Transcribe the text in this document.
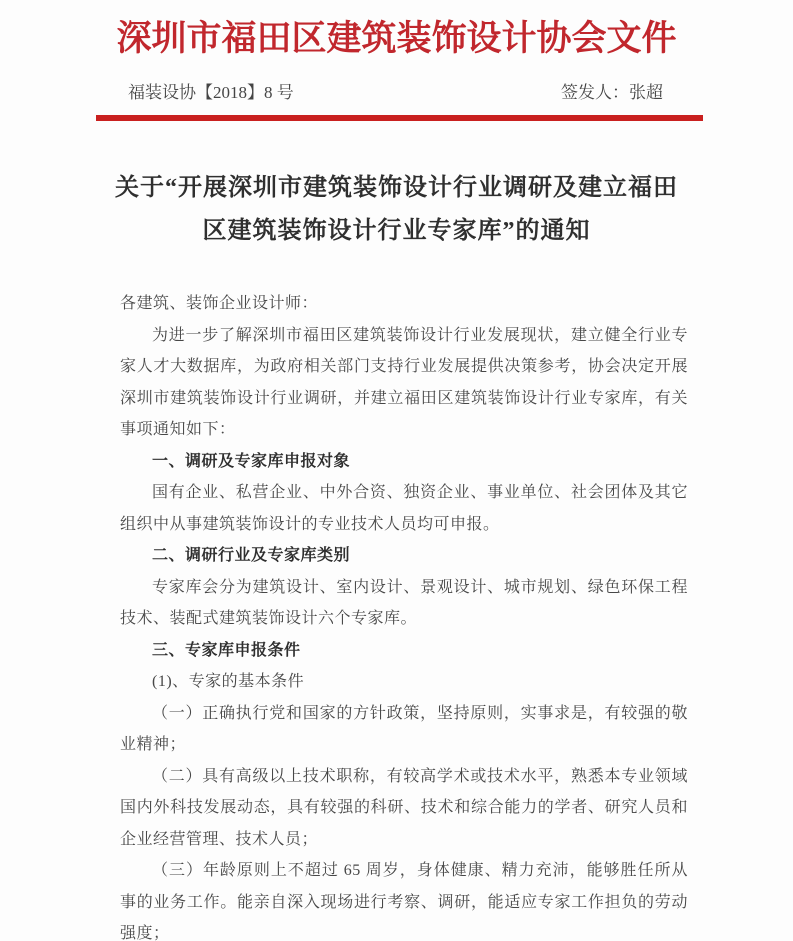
深圳市福田区建筑装饰设计协会文件
福装设协【2018】8 号	签发人：张超
关于“开展深圳市建筑装饰设计行业调研及建立福田
区建筑装饰设计行业专家库”的通知

各建筑、装饰企业设计师：

为进一步了解深圳市福田区建筑装饰设计行业发展现状，建立健全行业专家人才大数据库，为政府相关部门支持行业发展提供决策参考，协会决定开展深圳市建筑装饰设计行业调研，并建立福田区建筑装饰设计行业专家库，有关事项通知如下：

一、调研及专家库申报对象

国有企业、私营企业、中外合资、独资企业、事业单位、社会团体及其它组织中从事建筑装饰设计的专业技术人员均可申报。

二、调研行业及专家库类别

专家库会分为建筑设计、室内设计、景观设计、城市规划、绿色环保工程技术、装配式建筑装饰设计六个专家库。

三、专家库申报条件

(1)、专家的基本条件

（一）正确执行党和国家的方针政策，坚持原则，实事求是，有较强的敬业精神；

（二）具有高级以上技术职称，有较高学术或技术水平，熟悉本专业领域国内外科技发展动态，具有较强的科研、技术和综合能力的学者、研究人员和企业经营管理、技术人员；

（三）年龄原则上不超过 65 周岁，身体健康、精力充沛，能够胜任所从事的业务工作。能亲自深入现场进行考察、调研，能适应专家工作担负的劳动强度；
